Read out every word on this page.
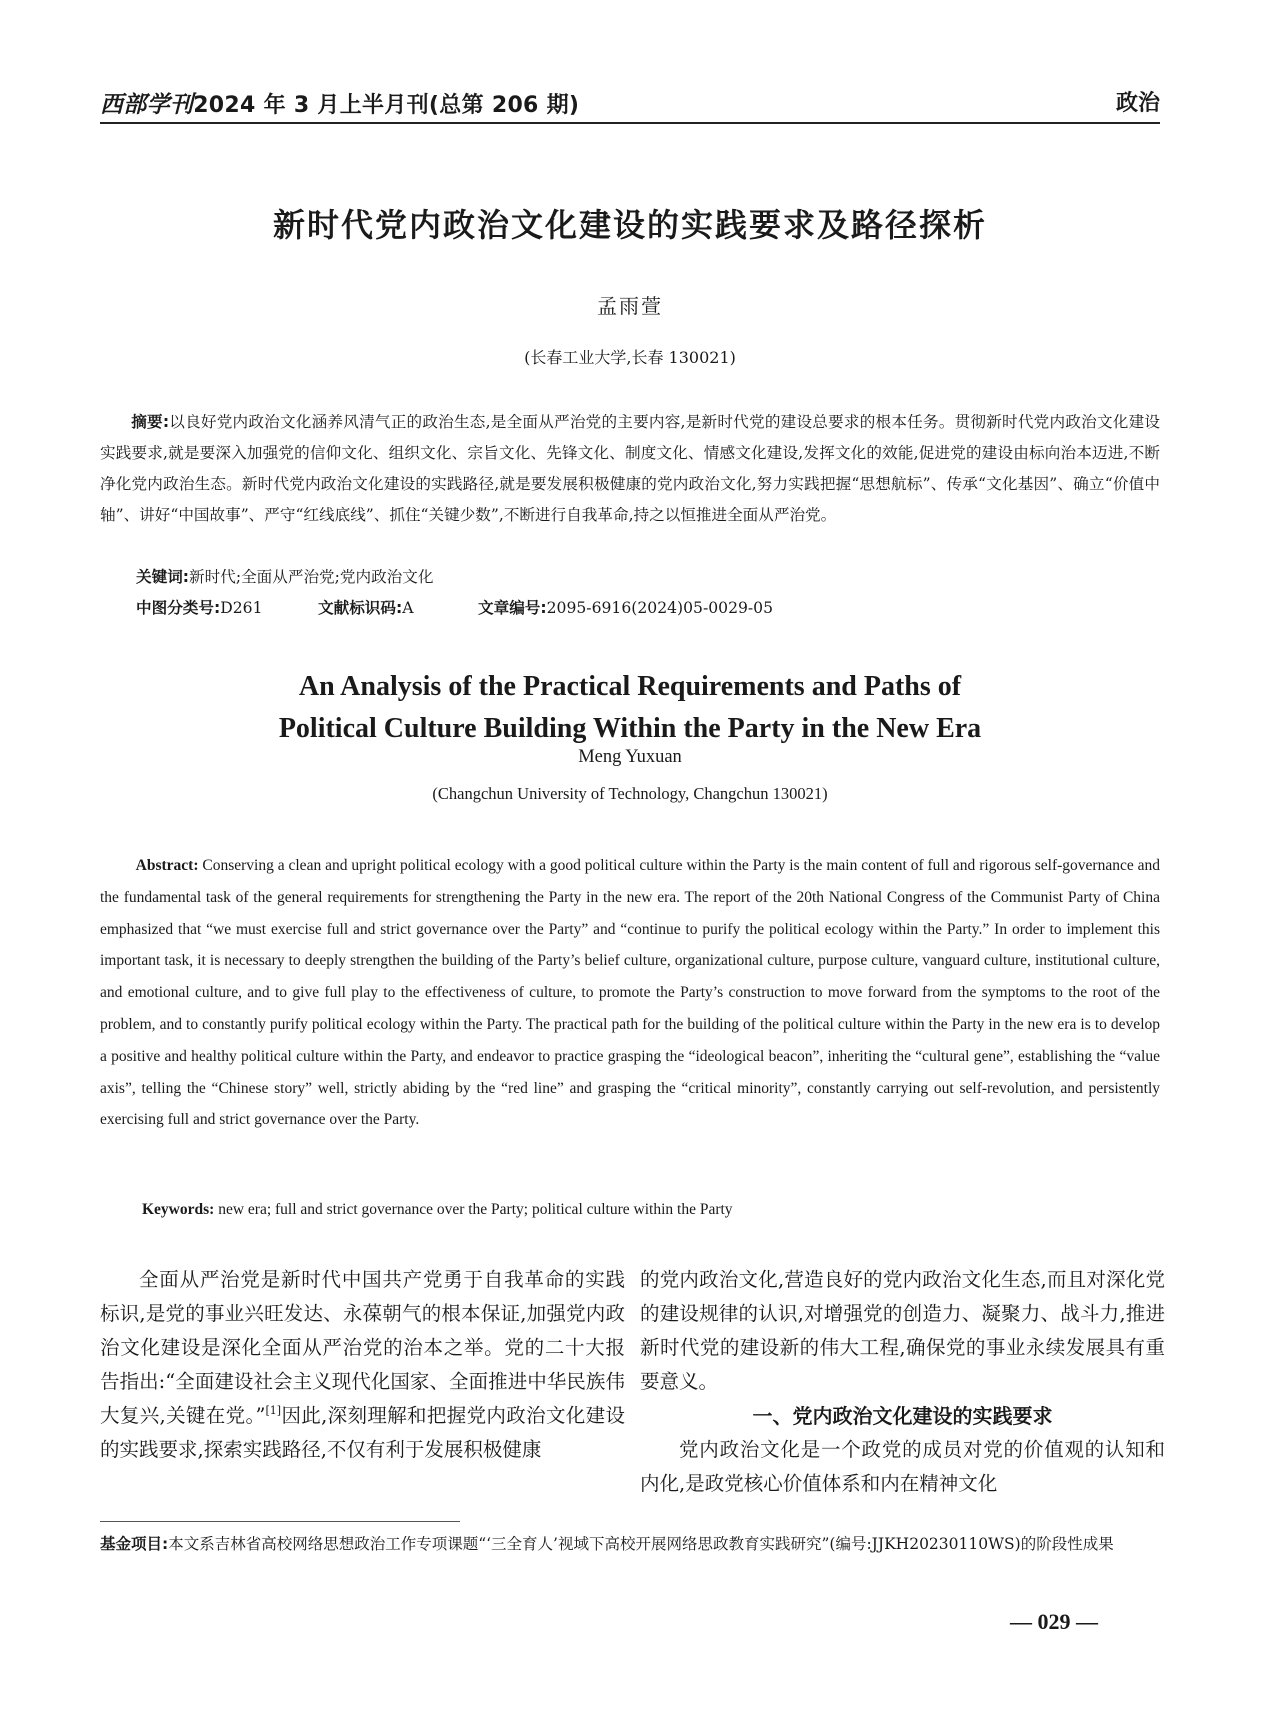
西部学刊2024 年 3 月上半月刊(总第 206 期)	政治
新时代党内政治文化建设的实践要求及路径探析
孟雨萱
(长春工业大学,长春 130021)
摘要:以良好党内政治文化涵养风清气正的政治生态,是全面从严治党的主要内容,是新时代党的建设总要求的根本任务。贯彻新时代党内政治文化建设实践要求,就是要深入加强党的信仰文化、组织文化、宗旨文化、先锋文化、制度文化、情感文化建设,发挥文化的效能,促进党的建设由标向治本迈进,不断净化党内政治生态。新时代党内政治文化建设的实践路径,就是要发展积极健康的党内政治文化,努力实践把握“思想航标”、传承“文化基因”、确立“价值中轴”、讲好“中国故事”、严守“红线底线”、抓住“关键少数”,不断进行自我革命,持之以恒推进全面从严治党。
关键词:新时代;全面从严治党;党内政治文化
中图分类号:D261	文献标识码:A	文章编号:2095-6916(2024)05-0029-05
An Analysis of the Practical Requirements and Paths of
Political Culture Building Within the Party in the New Era
Meng Yuxuan
(Changchun University of Technology, Changchun 130021)
Abstract: Conserving a clean and upright political ecology with a good political culture within the Party is the main content of full and rigorous self-governance and the fundamental task of the general requirements for strengthening the Party in the new era. The report of the 20th National Congress of the Communist Party of China emphasized that “we must exercise full and strict governance over the Party” and “continue to purify the political ecology within the Party.” In order to implement this important task, it is necessary to deeply strengthen the building of the Party’s belief culture, organizational culture, purpose culture, vanguard culture, institutional culture, and emotional culture, and to give full play to the effectiveness of culture, to promote the Party’s construction to move forward from the symptoms to the root of the problem, and to constantly purify political ecology within the Party. The practical path for the building of the political culture within the Party in the new era is to develop a positive and healthy political culture within the Party, and endeavor to practice grasping the “ideological beacon”, inheriting the “cultural gene”, establishing the “value axis”, telling the “Chinese story” well, strictly abiding by the “red line” and grasping the “critical minority”, constantly carrying out self-revolution, and persistently exercising full and strict governance over the Party.
Keywords: new era; full and strict governance over the Party; political culture within the Party

全面从严治党是新时代中国共产党勇于自我革命的实践标识,是党的事业兴旺发达、永葆朝气的根本保证,加强党内政治文化建设是深化全面从严治党的治本之举。党的二十大报告指出:“全面建设社会主义现代化国家、全面推进中华民族伟大复兴,关键在党。”[1]因此,深刻理解和把握党内政治文化建设的实践要求,探索实践路径,不仅有利于发展积极健康

的党内政治文化,营造良好的党内政治文化生态,而且对深化党的建设规律的认识,对增强党的创造力、凝聚力、战斗力,推进新时代党的建设新的伟大工程,确保党的事业永续发展具有重要意义。

一、党内政治文化建设的实践要求

党内政治文化是一个政党的成员对党的价值观的认知和内化,是政党核心价值体系和内在精神文化

基金项目:本文系吉林省高校网络思想政治工作专项课题“‘三全育人’视域下高校开展网络思政教育实践研究”(编号:JJKH20230110WS)的阶段性成果
— 029 —
